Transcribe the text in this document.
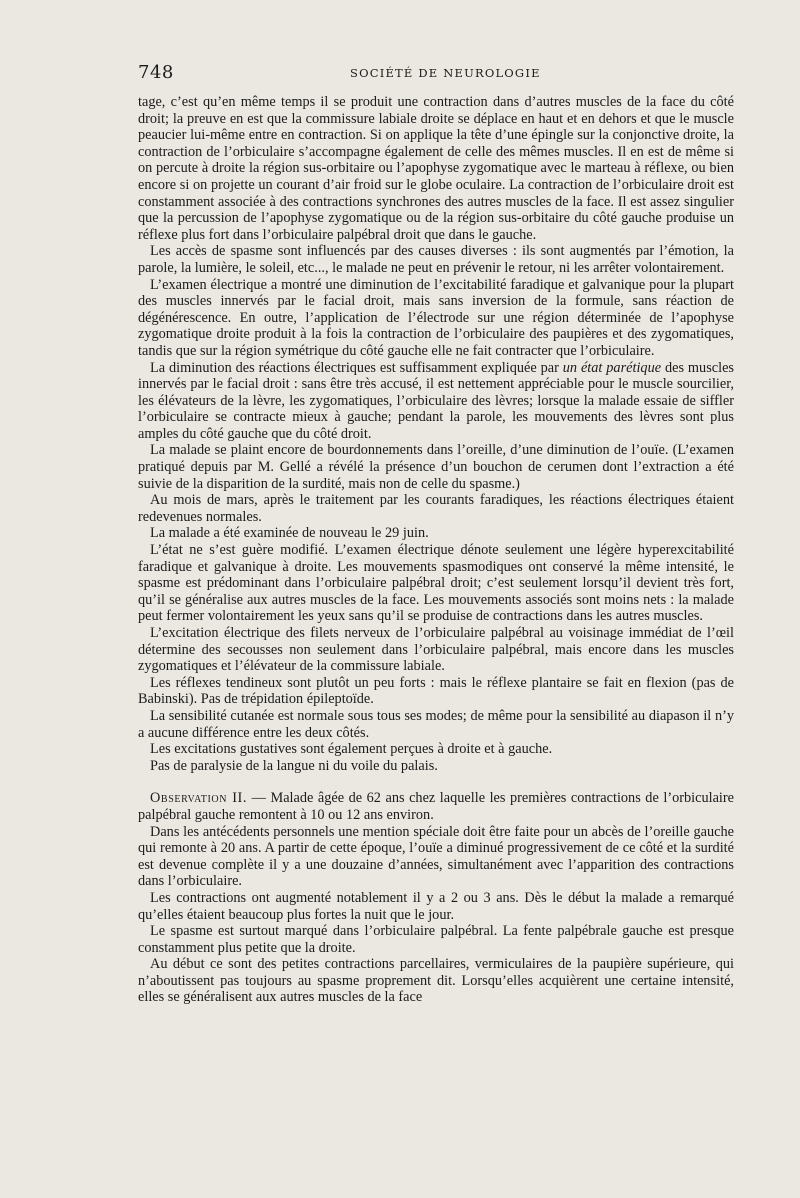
748	SOCIÉTÉ DE NEUROLOGIE

tage, c’est qu’en même temps il se produit une contraction dans d’autres muscles de la face du côté droit; la preuve en est que la commissure labiale droite se déplace en haut et en dehors et que le muscle peaucier lui-même entre en contraction. Si on applique la tête d’une épingle sur la conjonctive droite, la contraction de l’orbiculaire s’accompagne également de celle des mêmes muscles. Il en est de même si on percute à droite la région sus-orbitaire ou l’apophyse zygomatique avec le marteau à réflexe, ou bien encore si on projette un courant d’air froid sur le globe oculaire. La contraction de l’orbiculaire droit est constamment associée à des contractions synchrones des autres muscles de la face. Il est assez singulier que la percussion de l’apophyse zygomatique ou de la région sus-orbitaire du côté gauche produise un réflexe plus fort dans l’orbiculaire palpébral droit que dans le gauche.

Les accès de spasme sont influencés par des causes diverses : ils sont augmentés par l’émotion, la parole, la lumière, le soleil, etc..., le malade ne peut en prévenir le retour, ni les arrêter volontairement.

L’examen électrique a montré une diminution de l’excitabilité faradique et galvanique pour la plupart des muscles innervés par le facial droit, mais sans inversion de la formule, sans réaction de dégénérescence. En outre, l’application de l’électrode sur une région déterminée de l’apophyse zygomatique droite produit à la fois la contraction de l’orbiculaire des paupières et des zygomatiques, tandis que sur la région symétrique du côté gauche elle ne fait contracter que l’orbiculaire.

La diminution des réactions électriques est suffisamment expliquée par un état parétique des muscles innervés par le facial droit : sans être très accusé, il est nettement appréciable pour le muscle sourcilier, les élévateurs de la lèvre, les zygomatiques, l’orbiculaire des lèvres; lorsque la malade essaie de siffler l’orbiculaire se contracte mieux à gauche; pendant la parole, les mouvements des lèvres sont plus amples du côté gauche que du côté droit.

La malade se plaint encore de bourdonnements dans l’oreille, d’une diminution de l’ouïe. (L’examen pratiqué depuis par M. Gellé a révélé la présence d’un bouchon de cerumen dont l’extraction a été suivie de la disparition de la surdité, mais non de celle du spasme.)

Au mois de mars, après le traitement par les courants faradiques, les réactions électriques étaient redevenues normales.

La malade a été examinée de nouveau le 29 juin.

L’état ne s’est guère modifié. L’examen électrique dénote seulement une légère hyperexcitabilité faradique et galvanique à droite. Les mouvements spasmodiques ont conservé la même intensité, le spasme est prédominant dans l’orbiculaire palpébral droit; c’est seulement lorsqu’il devient très fort, qu’il se généralise aux autres muscles de la face. Les mouvements associés sont moins nets : la malade peut fermer volontairement les yeux sans qu’il se produise de contractions dans les autres muscles.

L’excitation électrique des filets nerveux de l’orbiculaire palpébral au voisinage immédiat de l’œil détermine des secousses non seulement dans l’orbiculaire palpébral, mais encore dans les muscles zygomatiques et l’élévateur de la commissure labiale.

Les réflexes tendineux sont plutôt un peu forts : mais le réflexe plantaire se fait en flexion (pas de Babinski). Pas de trépidation épileptoïde.

La sensibilité cutanée est normale sous tous ses modes; de même pour la sensibilité au diapason il n’y a aucune différence entre les deux côtés.

Les excitations gustatives sont également perçues à droite et à gauche.

Pas de paralysie de la langue ni du voile du palais.

Observation II. — Malade âgée de 62 ans chez laquelle les premières contractions de l’orbiculaire palpébral gauche remontent à 10 ou 12 ans environ.

Dans les antécédents personnels une mention spéciale doit être faite pour un abcès de l’oreille gauche qui remonte à 20 ans. A partir de cette époque, l’ouïe a diminué progressivement de ce côté et la surdité est devenue complète il y a une douzaine d’années, simultanément avec l’apparition des contractions dans l’orbiculaire.

Les contractions ont augmenté notablement il y a 2 ou 3 ans. Dès le début la malade a remarqué qu’elles étaient beaucoup plus fortes la nuit que le jour.

Le spasme est surtout marqué dans l’orbiculaire palpébral. La fente palpébrale gauche est presque constamment plus petite que la droite.

Au début ce sont des petites contractions parcellaires, vermiculaires de la paupière supérieure, qui n’aboutissent pas toujours au spasme proprement dit. Lorsqu’elles acquièrent une certaine intensité, elles se généralisent aux autres muscles de la face
